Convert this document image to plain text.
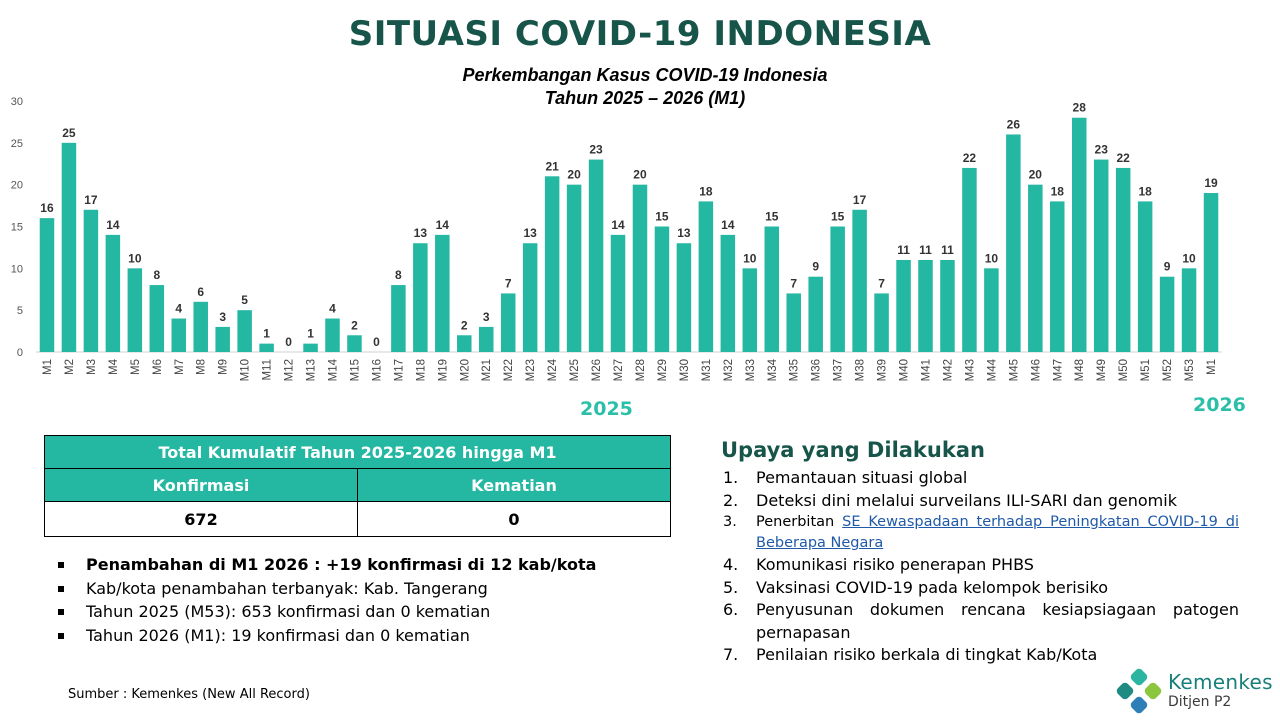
SITUASI COVID-19 INDONESIA
Perkembangan Kasus COVID-19 Indonesia
Tahun 2025 – 2026 (M1)
0
5
10
15
20
25
30
16
M1
25
M2
17
M3
14
M4
10
M5
8
M6
4
M7
6
M8
3
M9
5
M10
1
M11
0
M12
1
M13
4
M14
2
M15
0
M16
8
M17
13
M18
14
M19
2
M20
3
M21
7
M22
13
M23
21
M24
20
M25
23
M26
14
M27
20
M28
15
M29
13
M30
18
M31
14
M32
10
M33
15
M34
7
M35
9
M36
15
M37
17
M38
7
M39
11
M40
11
M41
11
M42
22
M43
10
M44
26
M45
20
M46
18
M47
28
M48
23
M49
22
M50
18
M51
9
M52
10
M53
19
M1
2025	2026
Total Kumulatif Tahun 2025-2026 hingga M1	
Konfirmasi	Kematian
672	0
Penambahan di M1 2026 : +19 konfirmasi di 12 kab/kota
Kab/kota penambahan terbanyak: Kab. Tangerang
Tahun 2025 (M53): 653 konfirmasi dan 0 kematian
Tahun 2026 (M1): 19 konfirmasi dan 0 kematian
Sumber : Kemenkes (New All Record)
Upaya yang Dilakukan
1. Pemantauan situasi global
2. Deteksi dini melalui surveilans ILI-SARI dan genomik
3. Penerbitan SE Kewaspadaan terhadap Peningkatan COVID-19 di Beberapa Negara
4. Komunikasi risiko penerapan PHBS
5. Vaksinasi COVID-19 pada kelompok berisiko
6. Penyusunan dokumen rencana kesiapsiagaan patogen pernapasan
7. Penilaian risiko berkala di tingkat Kab/Kota
Kemenkes
Ditjen P2
